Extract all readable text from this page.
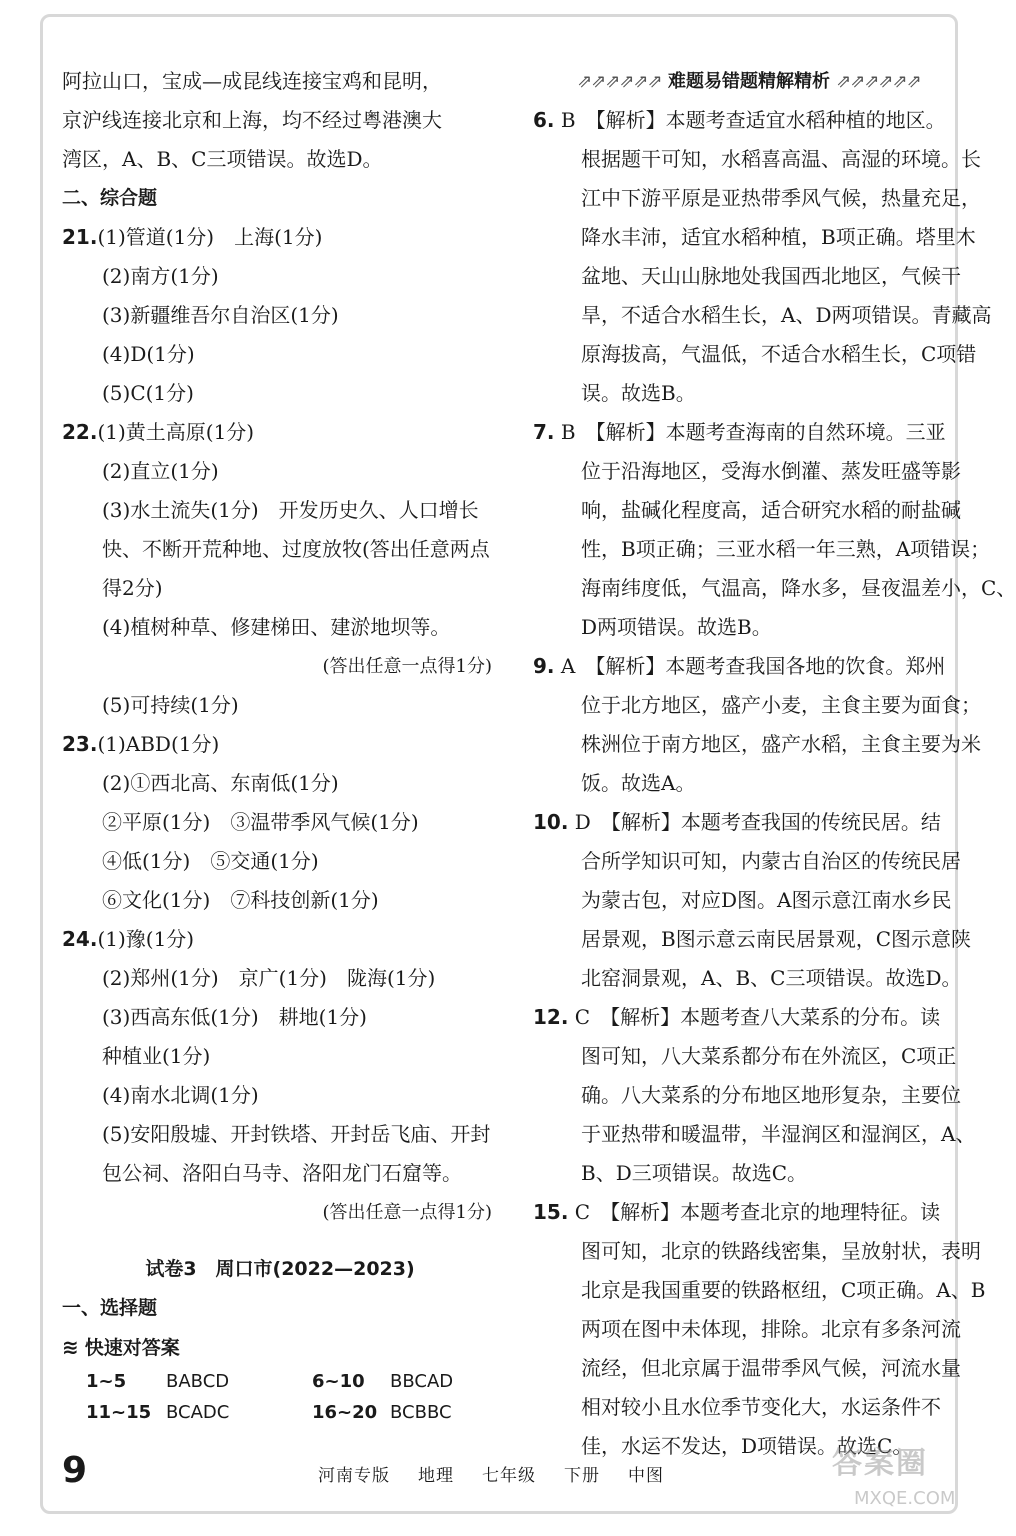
阿拉山口，宝成—成昆线连接宝鸡和昆明，
京沪线连接北京和上海，均不经过粤港澳大
湾区，A、B、C三项错误。故选D。
二、综合题
21.(1)管道(1分)　上海(1分)
(2)南方(1分)
(3)新疆维吾尔自治区(1分)
(4)D(1分)
(5)C(1分)
22.(1)黄土高原(1分)
(2)直立(1分)
(3)水土流失(1分)　开发历史久、人口增长
快、不断开荒种地、过度放牧(答出任意两点
得2分)
(4)植树种草、修建梯田、建淤地坝等。
(答出任意一点得1分)
(5)可持续(1分)
23.(1)ABD(1分)
(2)①西北高、东南低(1分)
②平原(1分)　③温带季风气候(1分)
④低(1分)　⑤交通(1分)
⑥文化(1分)　⑦科技创新(1分)
24.(1)豫(1分)
(2)郑州(1分)　京广(1分)　陇海(1分)
(3)西高东低(1分)　耕地(1分)
种植业(1分)
(4)南水北调(1分)
(5)安阳殷墟、开封铁塔、开封岳飞庙、开封
包公祠、洛阳白马寺、洛阳龙门石窟等。
(答出任意一点得1分)
试卷3　周口市(2022—2023)
一、选择题
≋ 快速对答案
1~5 BABCD	6~10 BBCAD
11~15 BCADC	16~20 BCBBC
⇗⇗⇗⇗⇗⇗ 难题易错题精解精析 ⇗⇗⇗⇗⇗⇗
6. B　【解析】本题考查适宜水稻种植的地区。
根据题干可知，水稻喜高温、高湿的环境。长
江中下游平原是亚热带季风气候，热量充足，
降水丰沛，适宜水稻种植，B项正确。塔里木
盆地、天山山脉地处我国西北地区，气候干
旱，不适合水稻生长，A、D两项错误。青藏高
原海拔高，气温低，不适合水稻生长，C项错
误。故选B。
7. B　【解析】本题考查海南的自然环境。三亚
位于沿海地区，受海水倒灌、蒸发旺盛等影
响，盐碱化程度高，适合研究水稻的耐盐碱
性，B项正确；三亚水稻一年三熟，A项错误；
海南纬度低，气温高，降水多，昼夜温差小，C、
D两项错误。故选B。
9. A　【解析】本题考查我国各地的饮食。郑州
位于北方地区，盛产小麦，主食主要为面食；
株洲位于南方地区，盛产水稻，主食主要为米
饭。故选A。
10. D　【解析】本题考查我国的传统民居。结
合所学知识可知，内蒙古自治区的传统民居
为蒙古包，对应D图。A图示意江南水乡民
居景观，B图示意云南民居景观，C图示意陕
北窑洞景观，A、B、C三项错误。故选D。
12. C　【解析】本题考查八大菜系的分布。读
图可知，八大菜系都分布在外流区，C项正
确。八大菜系的分布地区地形复杂，主要位
于亚热带和暖温带，半湿润区和湿润区，A、
B、D三项错误。故选C。
15. C　【解析】本题考查北京的地理特征。读
图可知，北京的铁路线密集，呈放射状，表明
北京是我国重要的铁路枢纽，C项正确。A、B
两项在图中未体现，排除。北京有多条河流
流经，但北京属于温带季风气候，河流水量
相对较小且水位季节变化大，水运条件不
佳，水运不发达，D项错误。故选C。
9	河南专版 地理 七年级 下册 中图	答案圈
MXQE.COM
